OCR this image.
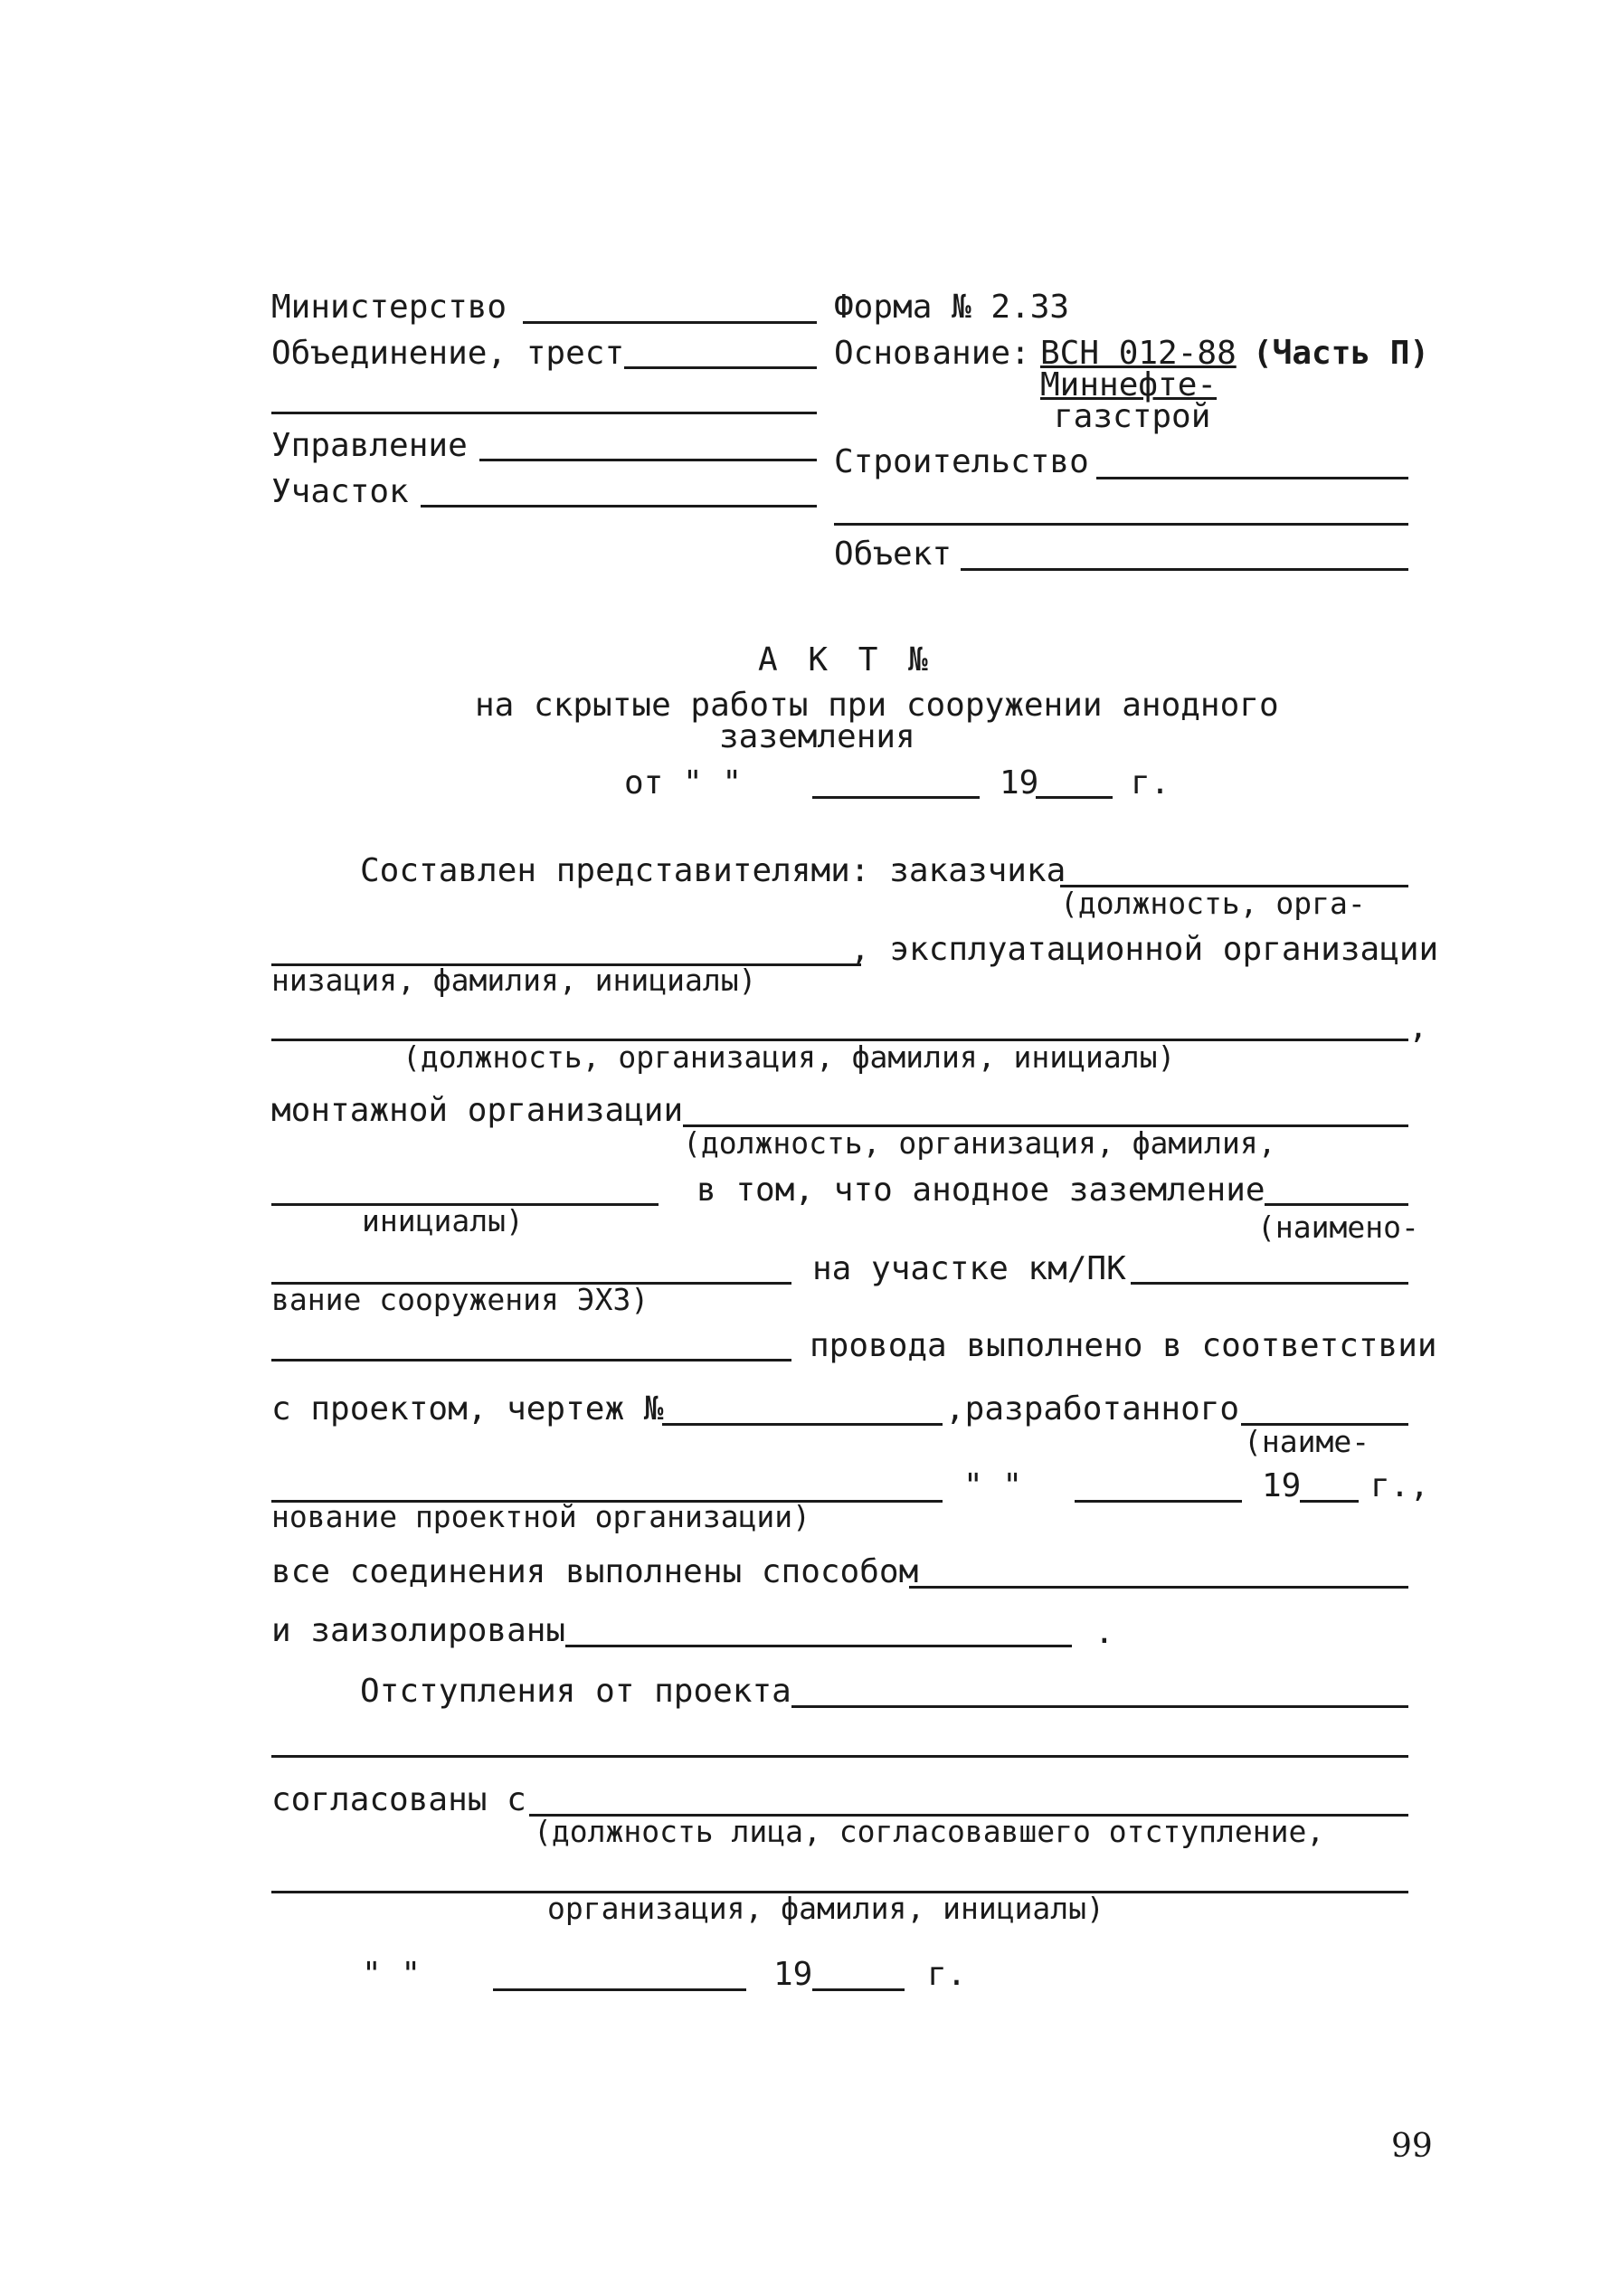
Министерство
Объединение, трест
Управление
Участок
Форма № 2.33
Основание: ВСН 012-88 (Часть П)
Миннефте-
газстрой
Строительство
Объект
А К Т №
на скрытые работы при сооружении анодного
заземления
от " "	19	г.
Составлен представителями: заказчика
(должность, орга-
низация, фамилия, инициалы)
, эксплуатационной организации
,
(должность, организация, фамилия, инициалы)
монтажной организации
(должность, организация, фамилия,
инициалы)
в том, что анодное заземление
(наимено-
вание сооружения ЭХЗ)
на участке км/ПК
провода выполнено в соответствии
с проектом, чертеж №	,разработанного
(наиме-
нование проектной организации)
" "	19 г.,
все соединения выполнены способом
и заизолированы	.
Отступления от проекта
согласованы с
(должность лица, согласовавшего отступление,
организация, фамилия, инициалы)
" "	19	г.
99
